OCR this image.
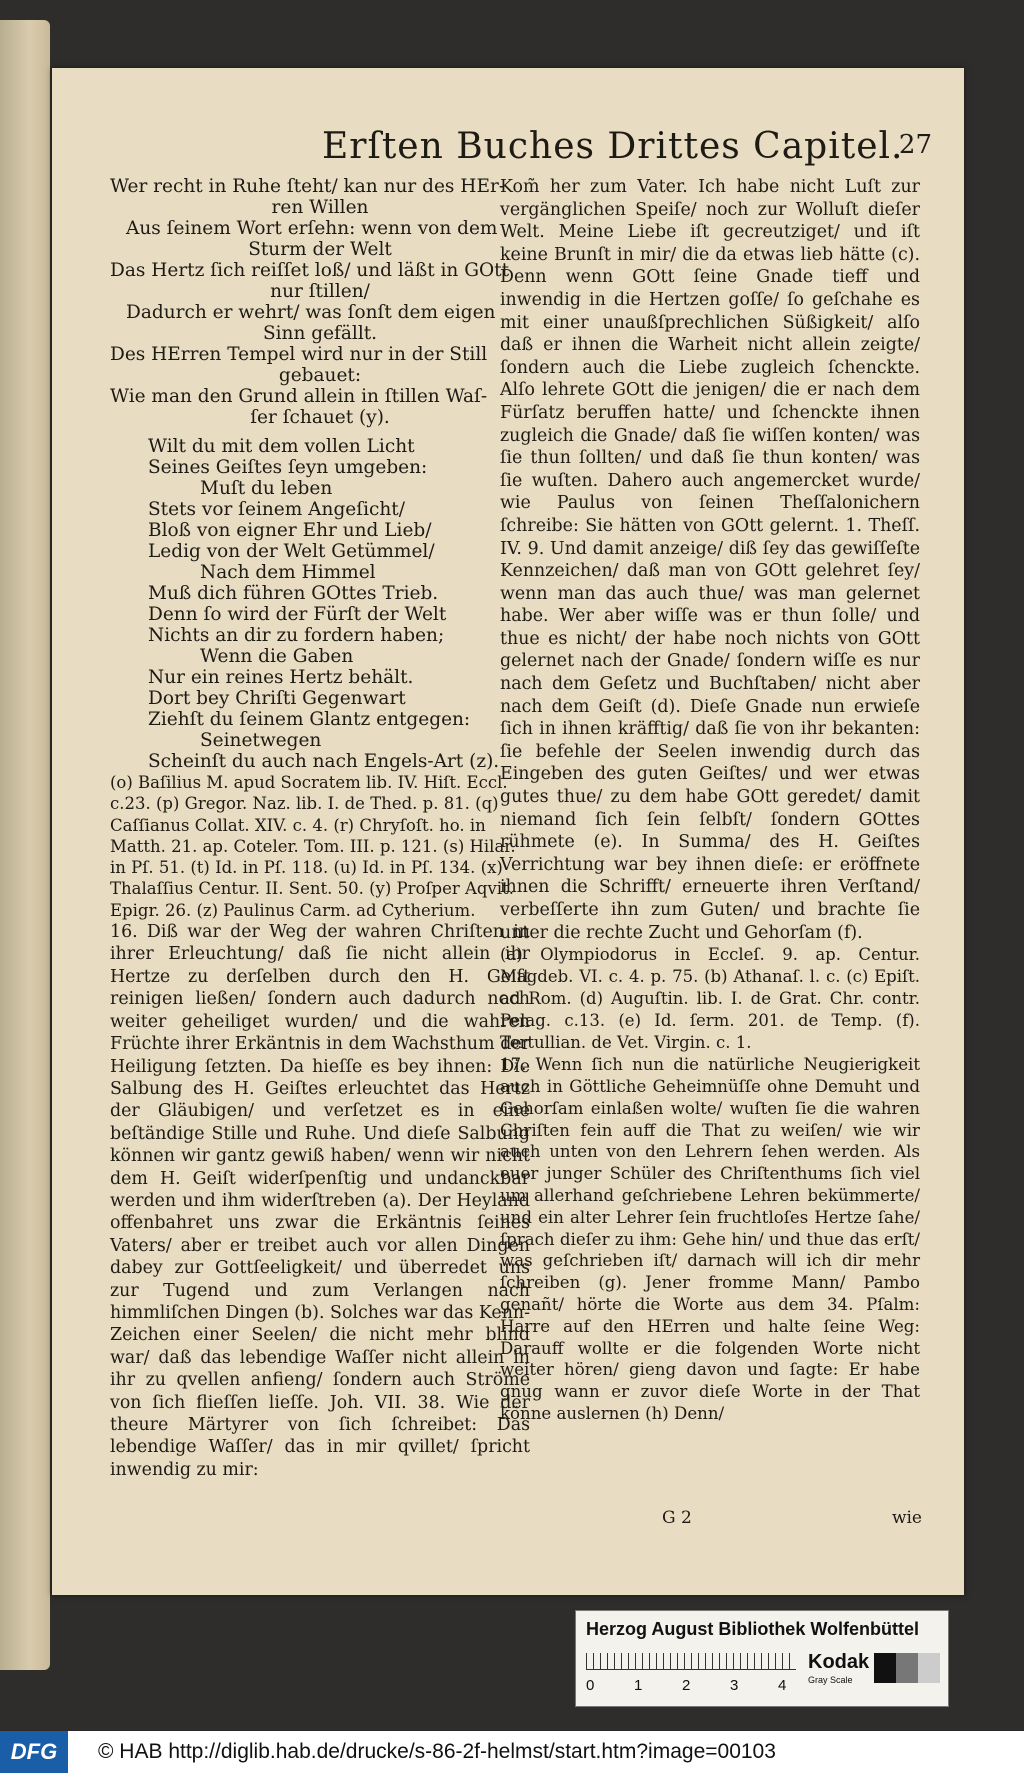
Erſten Buches Drittes Capitel.
27
Wer recht in Ruhe ſteht/ kan nur des HEr-
ren Willen
Aus ſeinem Wort erſehn: wenn von dem
Sturm der Welt
Das Hertz ſich reiſſet loß/ und läßt in GOtt
nur ſtillen/
Dadurch er wehrt/ was ſonſt dem eigen
Sinn gefällt.
Des HErren Tempel wird nur in der Still
gebauet:
Wie man den Grund allein in ſtillen Waſ-
ſer ſchauet (y).
Wilt du mit dem vollen Licht
Seines Geiſtes ſeyn umgeben:
Muſt du leben
Stets vor ſeinem Angeſicht/
Bloß von eigner Ehr und Lieb/
Ledig von der Welt Getümmel/
Nach dem Himmel
Muß dich führen GOttes Trieb.
Denn ſo wird der Fürſt der Welt
Nichts an dir zu fordern haben;
Wenn die Gaben
Nur ein reines Hertz behält.
Dort bey Chriſti Gegenwart
Ziehſt du ſeinem Glantz entgegen:
Seinetwegen
Scheinſt du auch nach Engels-Art (z).

(o) Baſilius M. apud Socratem lib. IV. Hiſt. Eccl. c.23. (p) Gregor. Naz. lib. I. de Thed. p. 81. (q) Caſſianus Collat. XIV. c. 4. (r) Chryſoſt. ho. in Matth. 21. ap. Coteler. Tom. III. p. 121. (s) Hilar. in Pſ. 51. (t) Id. in Pſ. 118. (u) Id. in Pſ. 134. (x) Thalaſſius Centur. II. Sent. 50. (y) Proſper Aqvit. Epigr. 26. (z) Paulinus Carm. ad Cytherium.

16. Diß war der Weg der wahren Chriſten in ihrer Erleuchtung/ daß ſie nicht allein ihr Hertze zu derſelben durch den H. Geiſt reinigen ließen/ ſondern auch dadurch noch weiter geheiliget wurden/ und die wahren Früchte ihrer Erkäntnis in dem Wachsthum der Heiligung ſetzten. Da hieſſe es bey ihnen: Die Salbung des H. Geiſtes erleuchtet das Hertz der Gläubigen/ und verſetzet es in eine beſtändige Stille und Ruhe. Und dieſe Salbung können wir gantz gewiß haben/ wenn wir nicht dem H. Geiſt widerſpenſtig und undanckbar werden und ihm widerſtreben (a). Der Heyland offenbahret uns zwar die Erkäntnis ſeines Vaters/ aber er treibet auch vor allen Dingen dabey zur Gottſeeligkeit/ und überredet uns zur Tugend und zum Verlangen nach himmliſchen Dingen (b). Solches war das Kenn-Zeichen einer Seelen/ die nicht mehr blind war/ daß das lebendige Waſſer nicht allein in ihr zu qvellen anfieng/ ſondern auch Ströme von ſich flieſſen lieſſe. Joh. VII. 38. Wie der theure Märtyrer von ſich ſchreibet: Das lebendige Waſſer/ das in mir qvillet/ ſpricht inwendig zu mir:

Kom̃ her zum Vater. Ich habe nicht Luſt zur vergänglichen Speiſe/ noch zur Wolluſt dieſer Welt. Meine Liebe iſt gecreutziget/ und iſt keine Brunſt in mir/ die da etwas lieb hätte (c). Denn wenn GOtt ſeine Gnade tieff und inwendig in die Hertzen goſſe/ ſo geſchahe es mit einer unaußſprechlichen Süßigkeit/ alſo daß er ihnen die Warheit nicht allein zeigte/ ſondern auch die Liebe zugleich ſchenckte. Alſo lehrete GOtt die jenigen/ die er nach dem Fürſatz beruffen hatte/ und ſchenckte ihnen zugleich die Gnade/ daß ſie wiſſen konten/ was ſie thun ſollten/ und daß ſie thun konten/ was ſie wuſten. Dahero auch angemercket wurde/ wie Paulus von ſeinen Theſſalonichern ſchreibe: Sie hätten von GOtt gelernt. 1. Theſſ. IV. 9. Und damit anzeige/ diß ſey das gewiſſeſte Kennzeichen/ daß man von GOtt gelehret ſey/ wenn man das auch thue/ was man gelernet habe. Wer aber wiſſe was er thun ſolle/ und thue es nicht/ der habe noch nichts von GOtt gelernet nach der Gnade/ ſondern wiſſe es nur nach dem Geſetz und Buchſtaben/ nicht aber nach dem Geiſt (d). Dieſe Gnade nun erwieſe ſich in ihnen kräfftig/ daß ſie von ihr bekanten: ſie befehle der Seelen inwendig durch das Eingeben des guten Geiſtes/ und wer etwas gutes thue/ zu dem habe GOtt geredet/ damit niemand ſich ſein ſelbſt/ ſondern GOttes rühmete (e). In Summa/ des H. Geiſtes Verrichtung war bey ihnen dieſe: er eröffnete ihnen die Schrifft/ erneuerte ihren Verſtand/ verbeſſerte ihn zum Guten/ und brachte ſie unter die rechte Zucht und Gehorſam (f).

(a) Olympiodorus in Eccleſ. 9. ap. Centur. Magdeb. VI. c. 4. p. 75. (b) Athanaſ. l. c. (c) Epiſt. ad Rom. (d) Auguſtin. lib. I. de Grat. Chr. contr. Pelag. c.13. (e) Id. ſerm. 201. de Temp. (f). Tertullian. de Vet. Virgin. c. 1.

17. Wenn ſich nun die natürliche Neugierigkeit auch in Göttliche Geheimnüſſe ohne Demuht und Gehorſam einlaßen wolte/ wuſten ſie die wahren Chriſten fein auff die That zu weiſen/ wie wir auch unten von den Lehrern ſehen werden. Als euer junger Schüler des Chriſtenthums ſich viel um allerhand geſchriebene Lehren bekümmerte/ und ein alter Lehrer ſein fruchtloſes Hertze ſahe/ ſprach dieſer zu ihm: Gehe hin/ und thue das erſt/ was geſchrieben iſt/ darnach will ich dir mehr ſchreiben (g). Jener fromme Mann/ Pambo genañt/ hörte die Worte aus dem 34. Pſalm: Harre auf den HErren und halte ſeine Weg: Darauff wollte er die folgenden Worte nicht weiter hören/ gieng davon und ſagte: Er habe gnug wann er zuvor dieſe Worte in der That könne auslernen (h) Denn/

G 2	wie
Herzog August Bibliothek Wolfenbüttel
0	1	2	3	4
Kodak
Gray Scale
DFG	© HAB http://diglib.hab.de/drucke/s-86-2f-helmst/start.htm?image=00103
